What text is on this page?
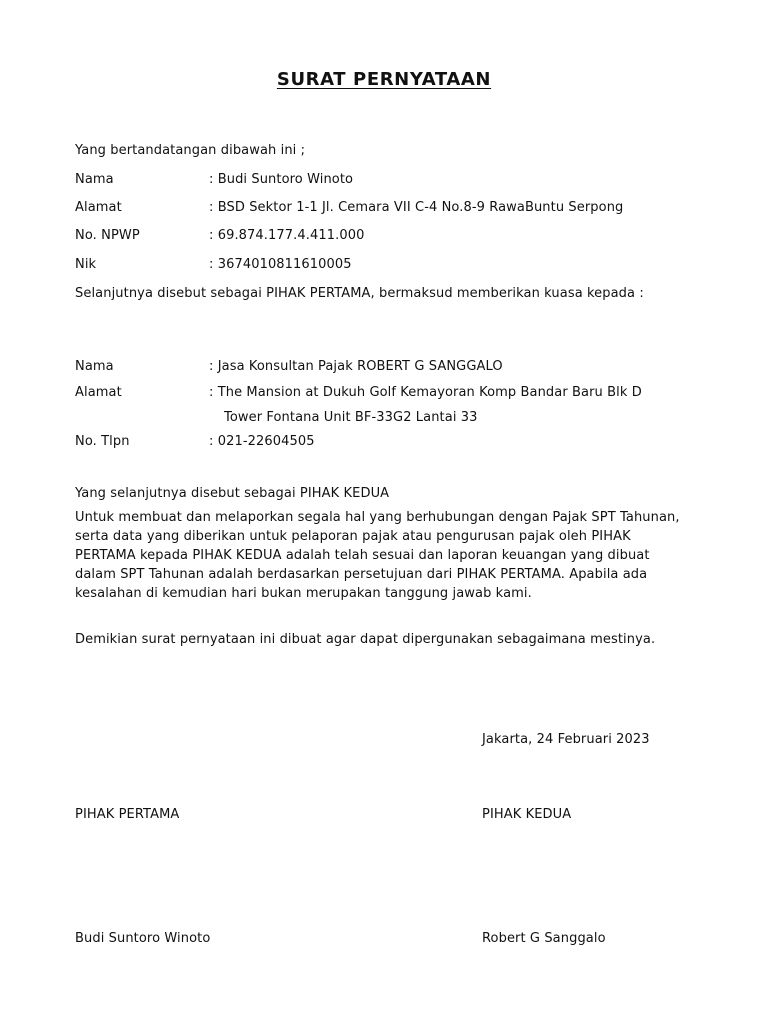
SURAT PERNYATAAN
Yang bertandatangan dibawah ini ;
Nama	: Budi Suntoro Winoto
Alamat	: BSD Sektor 1-1 Jl. Cemara VII C-4 No.8-9 RawaBuntu Serpong
No. NPWP	: 69.874.177.4.411.000
Nik	: 3674010811610005
Selanjutnya disebut sebagai PIHAK PERTAMA, bermaksud memberikan kuasa kepada :
Nama	: Jasa Konsultan Pajak ROBERT G SANGGALO
Alamat	: The Mansion at Dukuh Golf Kemayoran Komp Bandar Baru Blk D
Tower Fontana Unit BF-33G2 Lantai 33
No. Tlpn	: 021-22604505
Yang selanjutnya disebut sebagai PIHAK KEDUA

Untuk membuat dan melaporkan segala hal yang berhubungan dengan Pajak SPT Tahunan,

serta data yang diberikan untuk pelaporan pajak atau pengurusan pajak oleh PIHAK

PERTAMA kepada PIHAK KEDUA adalah telah sesuai dan laporan keuangan yang dibuat

dalam SPT Tahunan adalah berdasarkan persetujuan dari PIHAK PERTAMA. Apabila ada

kesalahan di kemudian hari bukan merupakan tanggung jawab kami.

Demikian surat pernyataan ini dibuat agar dapat dipergunakan sebagaimana mestinya.
Jakarta, 24 Februari 2023
PIHAK PERTAMA	PIHAK KEDUA
Budi Suntoro Winoto	Robert G Sanggalo
